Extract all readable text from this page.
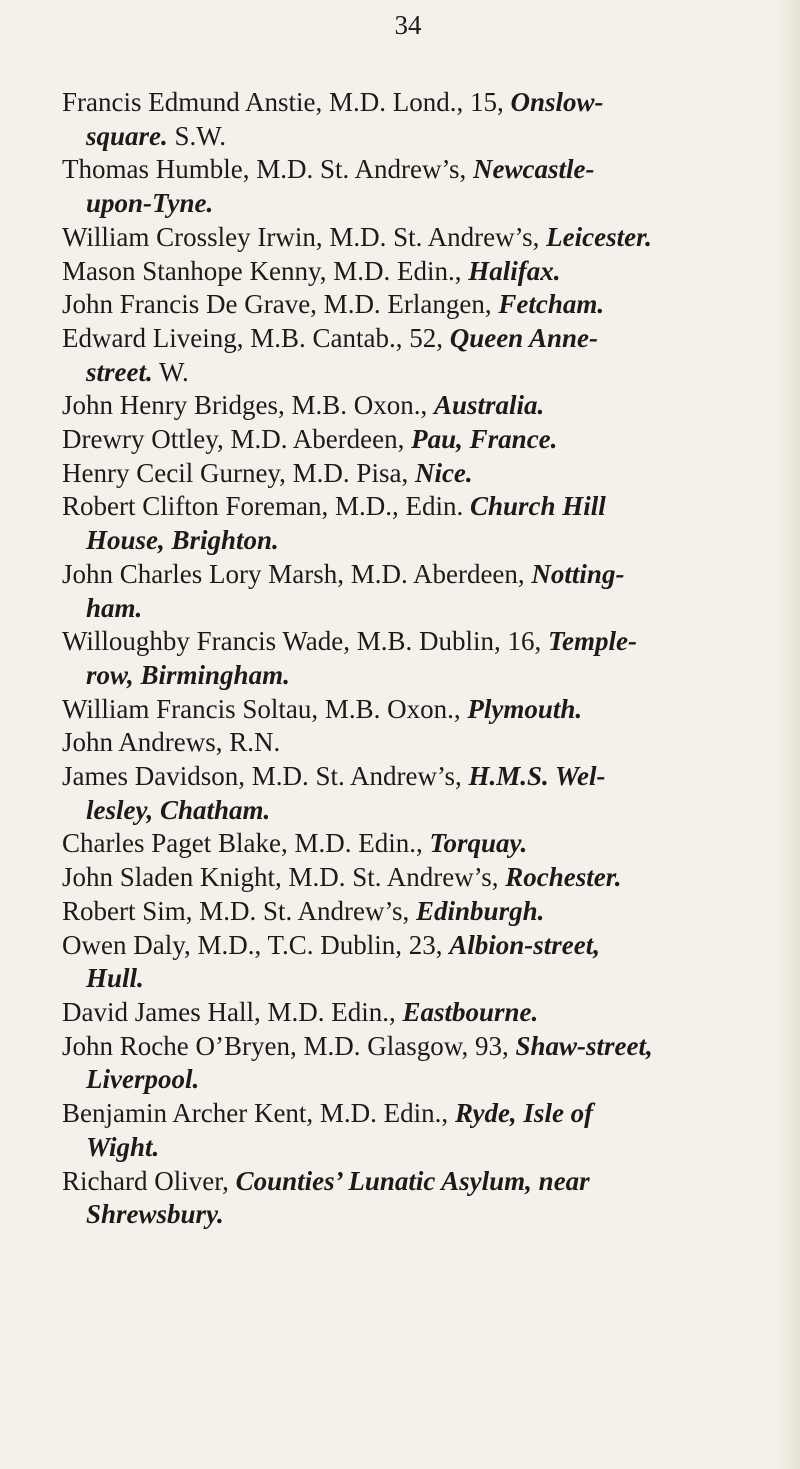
34
Francis Edmund Anstie, M.D. Lond., 15, Onslow-
square. S.W.
Thomas Humble, M.D. St. Andrew’s, Newcastle-
upon-Tyne.
William Crossley Irwin, M.D. St. Andrew’s, Leicester.
Mason Stanhope Kenny, M.D. Edin., Halifax.
John Francis De Grave, M.D. Erlangen, Fetcham.
Edward Liveing, M.B. Cantab., 52, Queen Anne-
street. W.
John Henry Bridges, M.B. Oxon., Australia.
Drewry Ottley, M.D. Aberdeen, Pau, France.
Henry Cecil Gurney, M.D. Pisa, Nice.
Robert Clifton Foreman, M.D., Edin. Church Hill
House, Brighton.
John Charles Lory Marsh, M.D. Aberdeen, Notting-
ham.
Willoughby Francis Wade, M.B. Dublin, 16, Temple-
row, Birmingham.
William Francis Soltau, M.B. Oxon., Plymouth.
John Andrews, R.N.
James Davidson, M.D. St. Andrew’s, H.M.S. Wel-
lesley, Chatham.
Charles Paget Blake, M.D. Edin., Torquay.
John Sladen Knight, M.D. St. Andrew’s, Rochester.
Robert Sim, M.D. St. Andrew’s, Edinburgh.
Owen Daly, M.D., T.C. Dublin, 23, Albion-street,
Hull.
David James Hall, M.D. Edin., Eastbourne.
John Roche O’Bryen, M.D. Glasgow, 93, Shaw-street,
Liverpool.
Benjamin Archer Kent, M.D. Edin., Ryde, Isle of
Wight.
Richard Oliver, Counties’ Lunatic Asylum, near
Shrewsbury.
